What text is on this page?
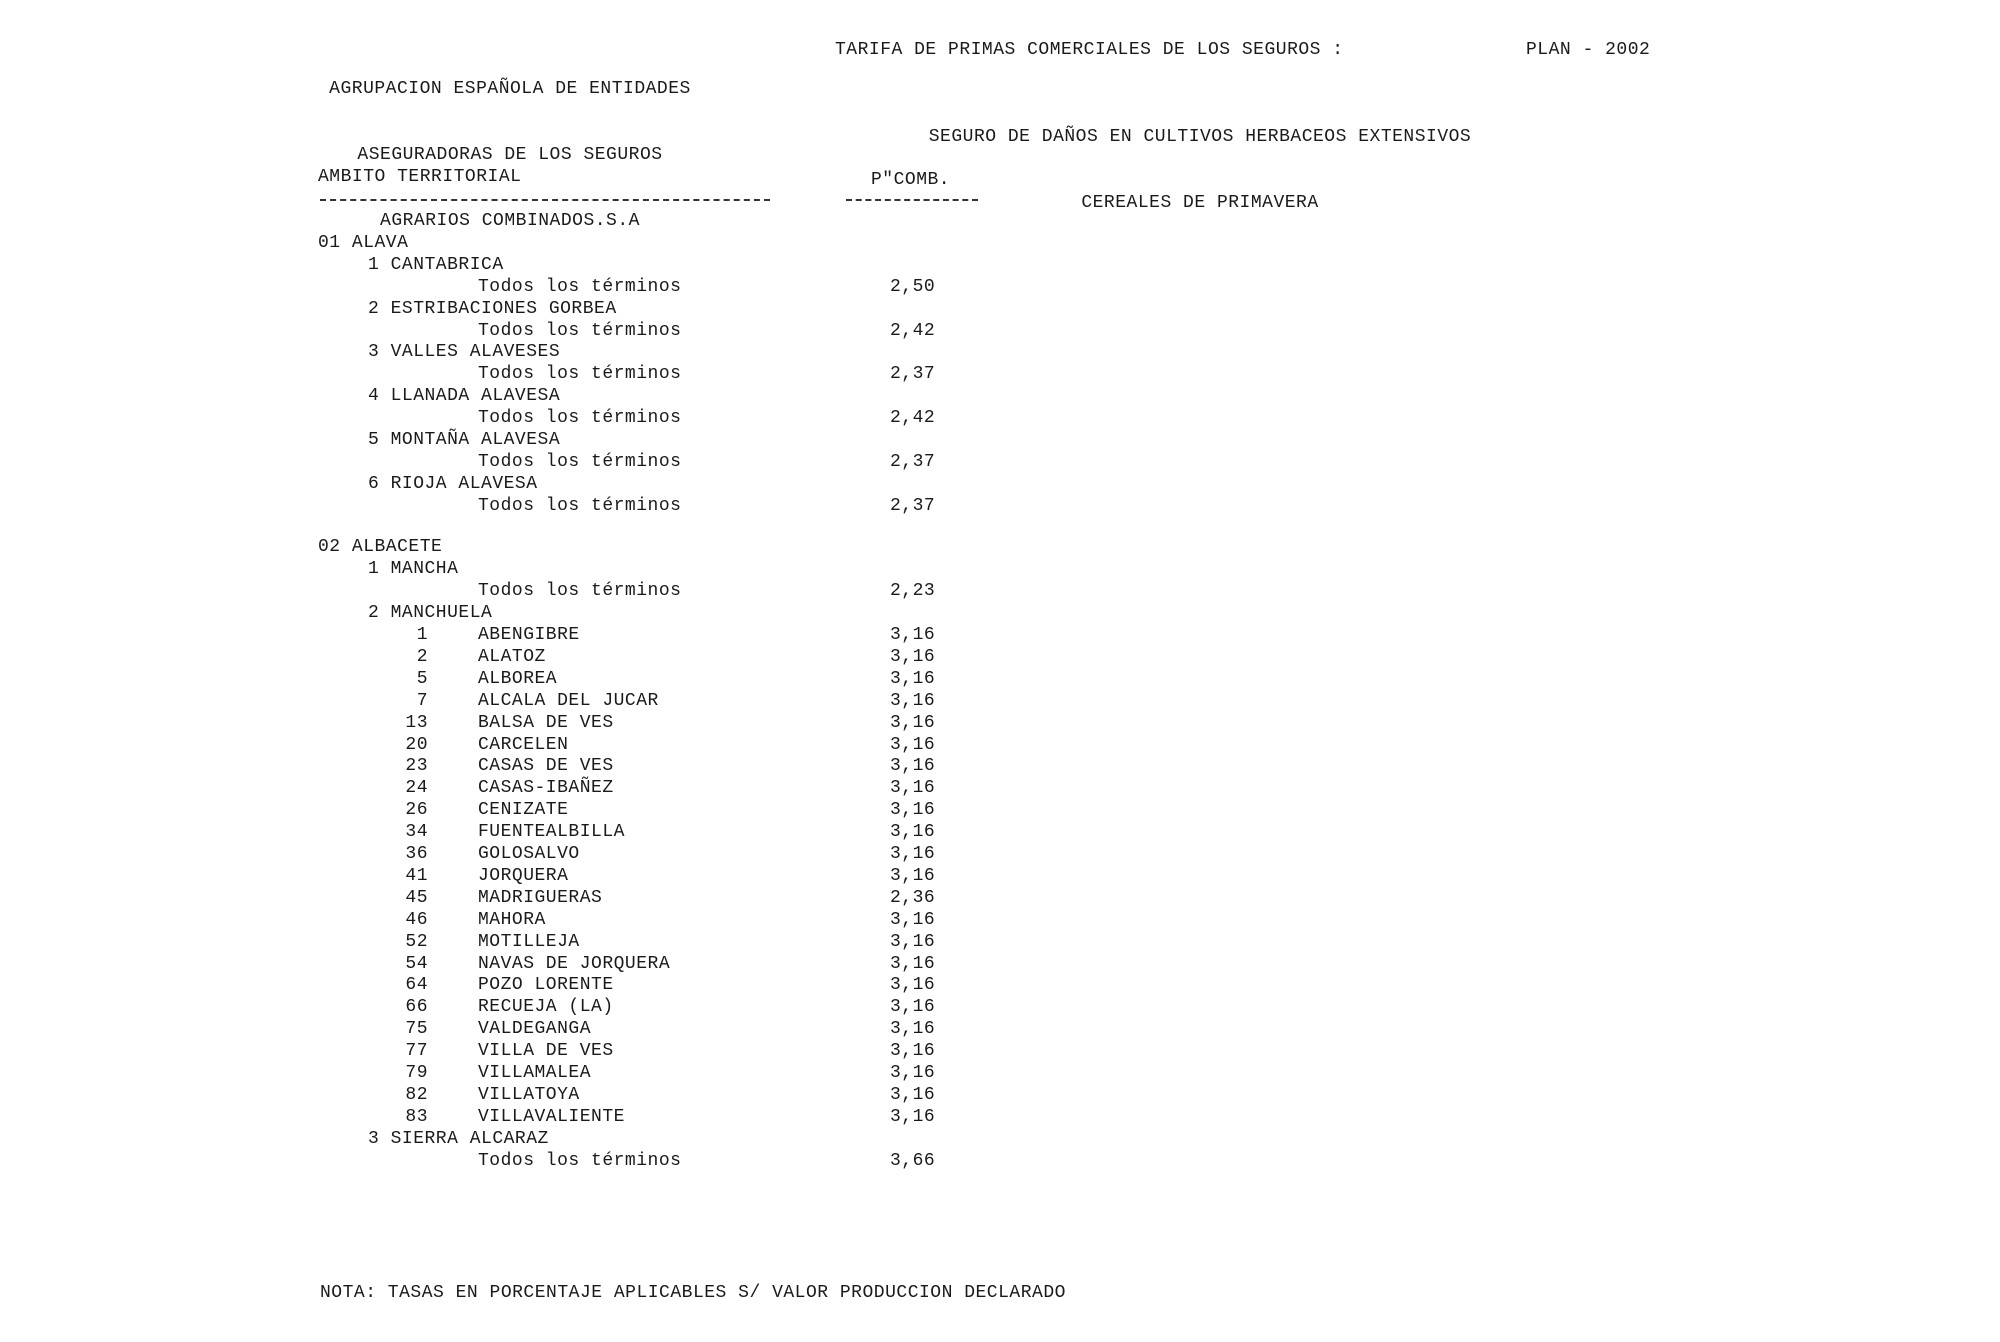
AGRUPACION ESPAÑOLA DE ENTIDADES

ASEGURADORAS DE LOS SEGUROS

AGRARIOS COMBINADOS.S.A

TARIFA DE PRIMAS COMERCIALES DE LOS SEGUROS :	PLAN - 2002

SEGURO DE DAÑOS EN CULTIVOS HERBACEOS EXTENSIVOS

CEREALES DE PRIMAVERA

AMBITO TERRITORIAL	P"COMB.
01 ALAVA
1 CANTABRICA
Todos los términos	2,50
2 ESTRIBACIONES GORBEA
Todos los términos	2,42
3 VALLES ALAVESES
Todos los términos	2,37
4 LLANADA ALAVESA
Todos los términos	2,42
5 MONTAÑA ALAVESA
Todos los términos	2,37
6 RIOJA ALAVESA
Todos los términos	2,37
02 ALBACETE
1 MANCHA
Todos los términos	2,23
2 MANCHUELA
1	ABENGIBRE	3,16
2	ALATOZ	3,16
5	ALBOREA	3,16
7	ALCALA DEL JUCAR	3,16
13	BALSA DE VES	3,16
20	CARCELEN	3,16
23	CASAS DE VES	3,16
24	CASAS-IBAÑEZ	3,16
26	CENIZATE	3,16
34	FUENTEALBILLA	3,16
36	GOLOSALVO	3,16
41	JORQUERA	3,16
45	MADRIGUERAS	2,36
46	MAHORA	3,16
52	MOTILLEJA	3,16
54	NAVAS DE JORQUERA	3,16
64	POZO LORENTE	3,16
66	RECUEJA (LA)	3,16
75	VALDEGANGA	3,16
77	VILLA DE VES	3,16
79	VILLAMALEA	3,16
82	VILLATOYA	3,16
83	VILLAVALIENTE	3,16
3 SIERRA ALCARAZ
Todos los términos	3,66
NOTA: TASAS EN PORCENTAJE APLICABLES S/ VALOR PRODUCCION DECLARADO
